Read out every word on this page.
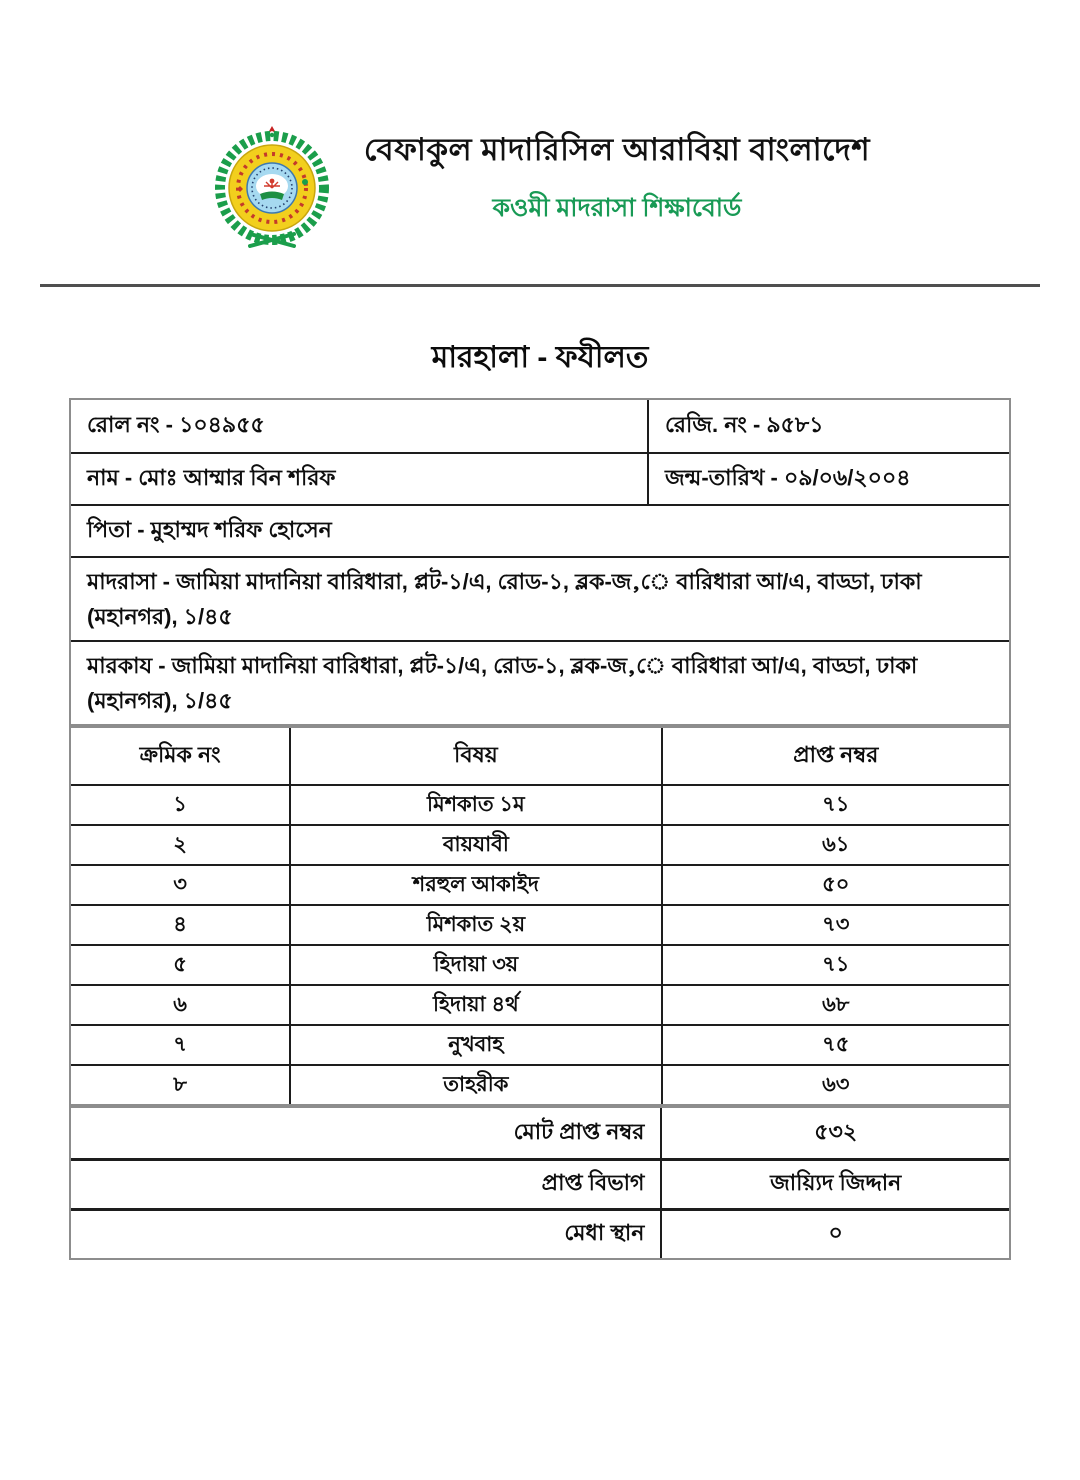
বেফাকুল মাদারিসিল আরাবিয়া বাংলাদেশ
কওমী মাদরাসা শিক্ষাবোর্ড
মারহালা - ফযীলত
রোল নং - ১০৪৯৫৫	রেজি. নং - ৯৫৮১
নাম - মোঃ আম্মার বিন শরিফ	জন্ম-তারিখ - ০৯/০৬/২০০৪
পিতা - মুহাম্মদ শরিফ হোসেন	
মাদরাসা - জামিয়া মাদানিয়া বারিধারা, প্লট-১/এ, রোড-১, ব্লক-জ,ে বারিধারা আ/এ, বাড্ডা, ঢাকা (মহানগর), ১/৪৫	
মারকায - জামিয়া মাদানিয়া বারিধারা, প্লট-১/এ, রোড-১, ব্লক-জ,ে বারিধারা আ/এ, বাড্ডা, ঢাকা (মহানগর), ১/৪৫	
ক্রমিক নং	বিষয়	প্রাপ্ত নম্বর
১	মিশকাত ১ম	৭১
২	বায়যাবী	৬১
৩	শরহুল আকাইদ	৫০
৪	মিশকাত ২য়	৭৩
৫	হিদায়া ৩য়	৭১
৬	হিদায়া ৪র্থ	৬৮
৭	নুখবাহ	৭৫
৮	তাহরীক	৬৩
মোট প্রাপ্ত নম্বর	৫৩২
প্রাপ্ত বিভাগ	জায়্যিদ জিদ্দান
মেধা স্থান	০
